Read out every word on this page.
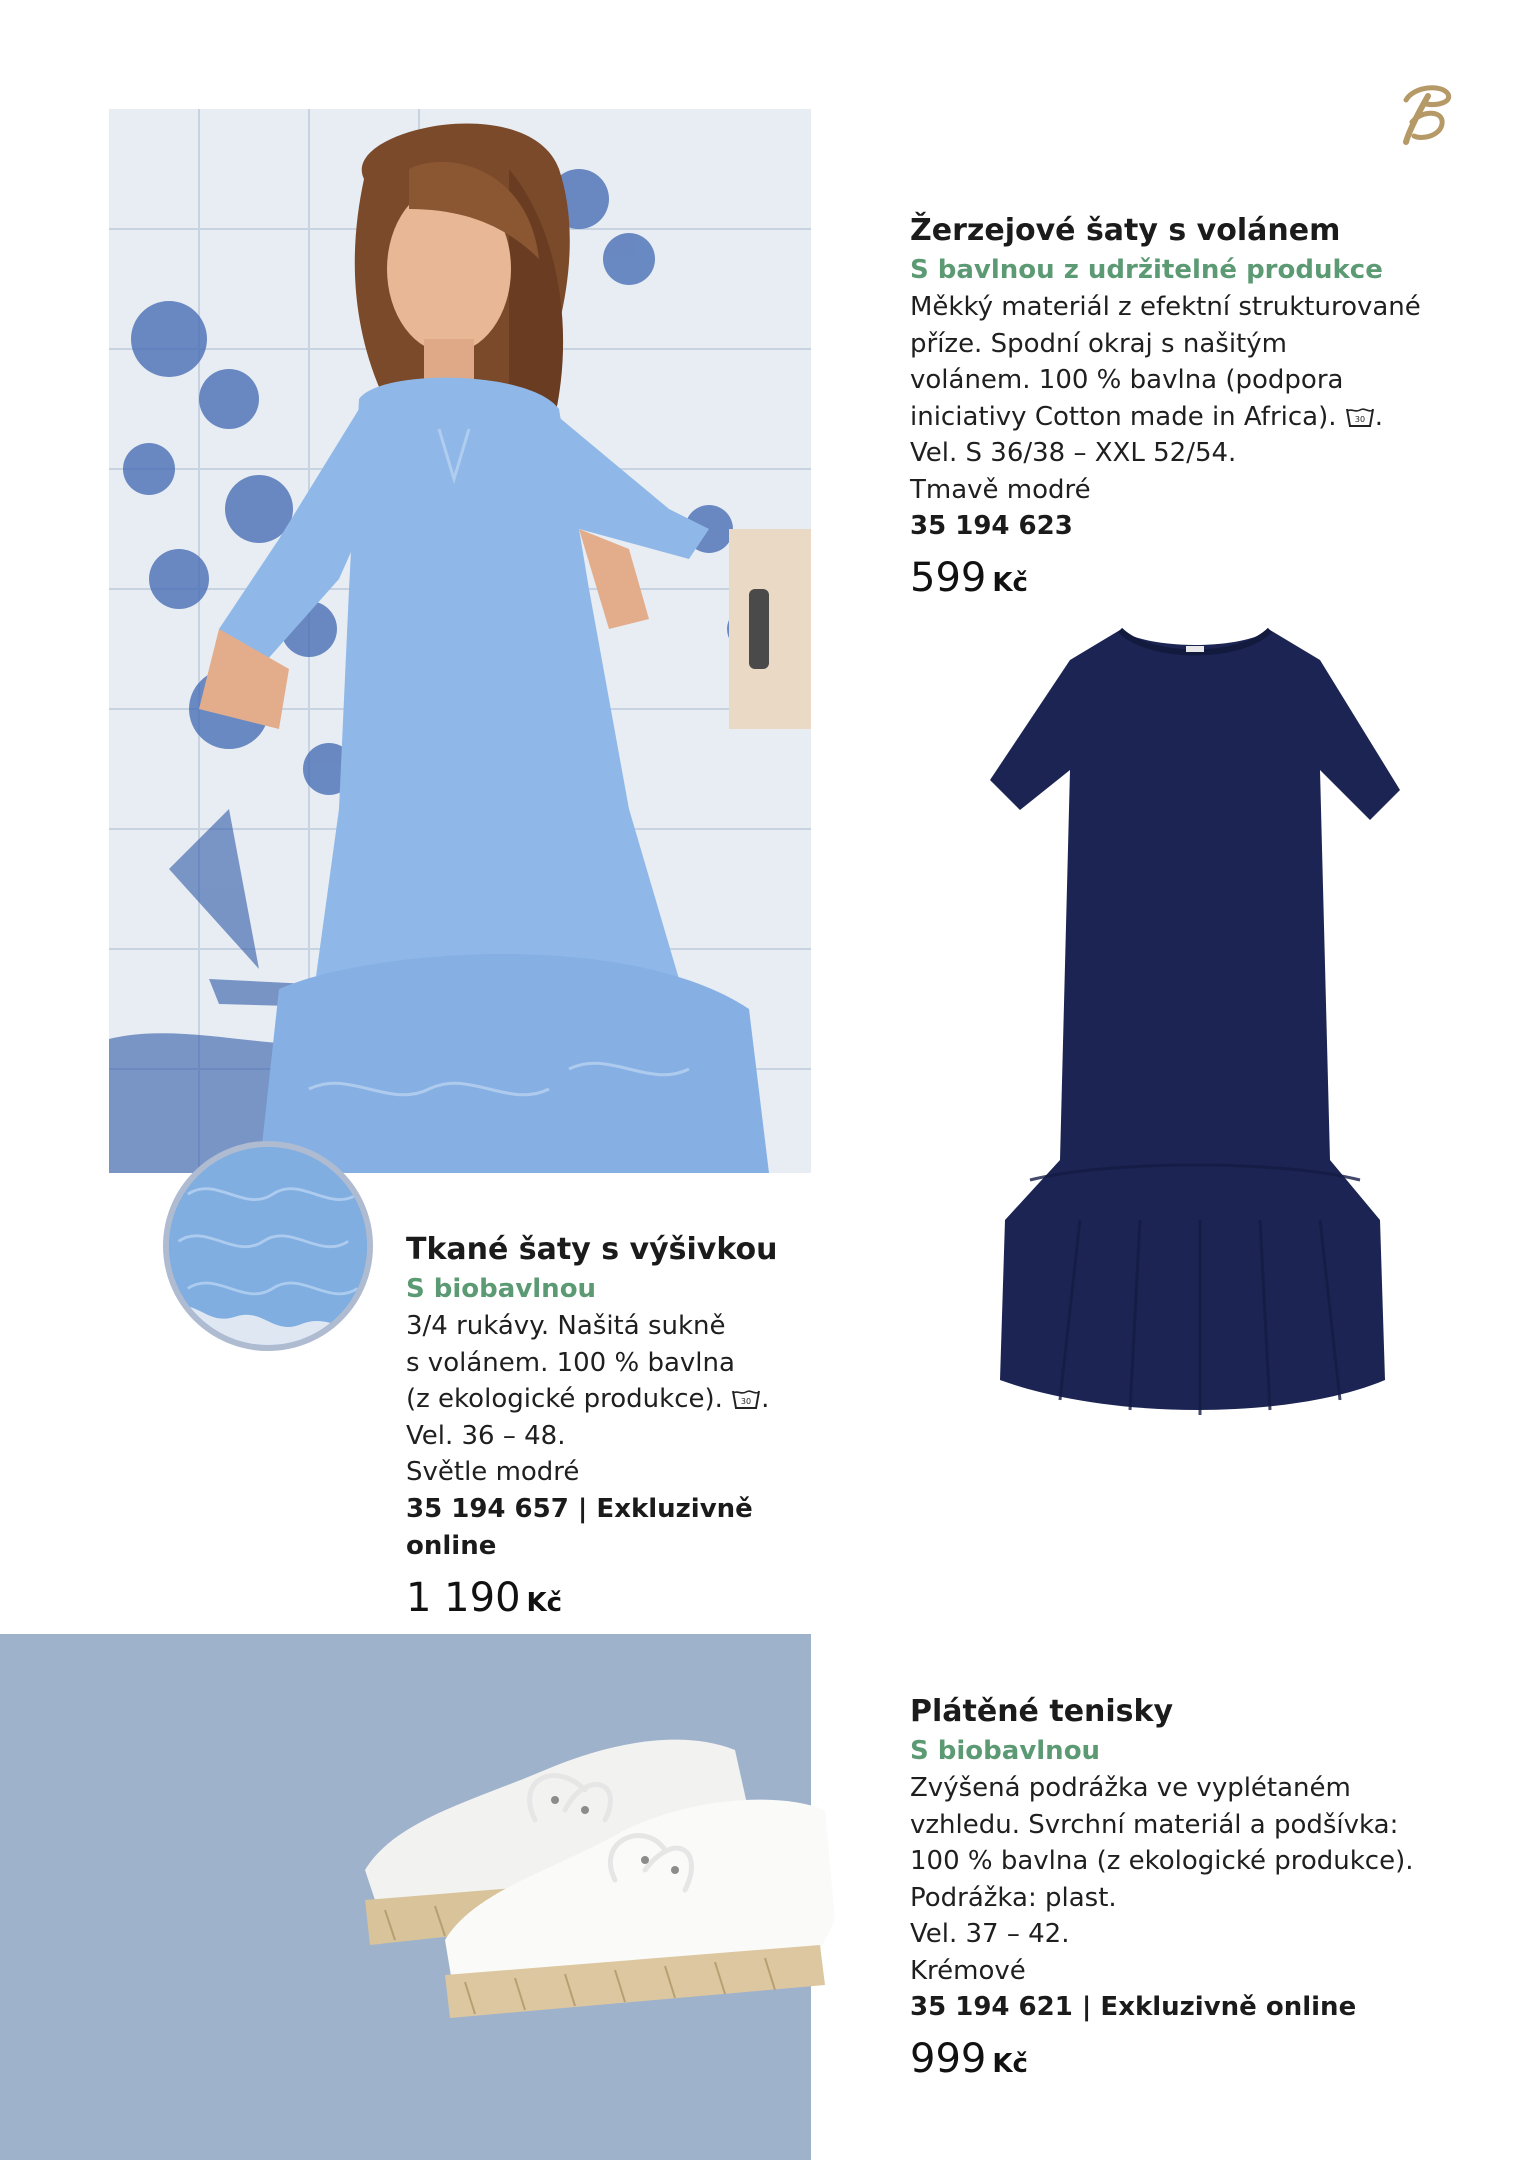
Žerzejové šaty s volánem
S bavlnou z udržitelné produkce
Měkký materiál z efektní strukturované
příze. Spodní okraj s našitým
volánem. 100 % bavlna (podpora
iniciativy Cotton made in Africa). 30 .
Vel. S 36/38 – XXL 52/54.
Tmavě modré
35 194 623
599 Kč
Tkané šaty s výšivkou
S biobavlnou
3/4 rukávy. Našitá sukně
s volánem. 100 % bavlna
(z ekologické produkce). 30 .
Vel. 36 – 48.
Světle modré
35 194 657 | Exkluzivně online
1 190 Kč
Plátěné tenisky
S biobavlnou
Zvýšená podrážka ve vyplétaném
vzhledu. Svrchní materiál a podšívka:
100 % bavlna (z ekologické produkce).
Podrážka: plast.
Vel. 37 – 42.
Krémové
35 194 621 | Exkluzivně online
999 Kč
